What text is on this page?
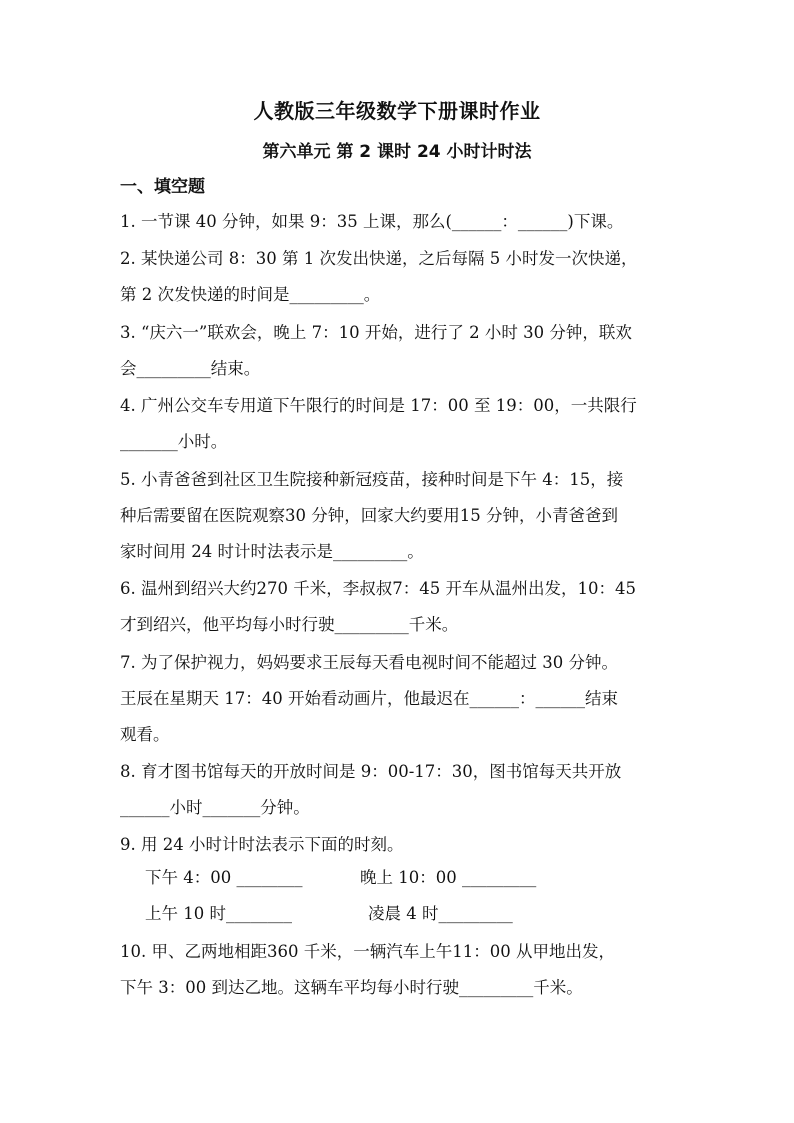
人教版三年级数学下册课时作业
第六单元 第 2 课时 24 小时计时法
一、填空题
1. 一节课 40 分钟，如果 9：35 上课，那么(______：______)下课。
2. 某快递公司 8：30 第 1 次发出快递，之后每隔 5 小时发一次快递，
第 2 次发快递的时间是_________。
3. “庆六一”联欢会，晚上 7：10 开始，进行了 2 小时 30 分钟，联欢
会_________结束。
4. 广州公交车专用道下午限行的时间是 17：00 至 19：00，一共限行
_______小时。
5. 小青爸爸到社区卫生院接种新冠疫苗，接种时间是下午 4：15，接
种后需要留在医院观察30 分钟，回家大约要用15 分钟，小青爸爸到
家时间用 24 时计时法表示是_________。
6. 温州到绍兴大约270 千米，李叔叔7：45 开车从温州出发，10：45
才到绍兴，他平均每小时行驶_________千米。
7. 为了保护视力，妈妈要求王辰每天看电视时间不能超过 30 分钟。
王辰在星期天 17：40 开始看动画片，他最迟在______：______结束
观看。
8. 育才图书馆每天的开放时间是 9：00-17：30，图书馆每天共开放
______小时_______分钟。
9. 用 24 小时计时法表示下面的时刻。
下午 4：00 ________	晚上 10：00 _________
上午 10 时________	凌晨 4 时_________
10. 甲、乙两地相距360 千米，一辆汽车上午11：00 从甲地出发，
下午 3：00 到达乙地。这辆车平均每小时行驶_________千米。
